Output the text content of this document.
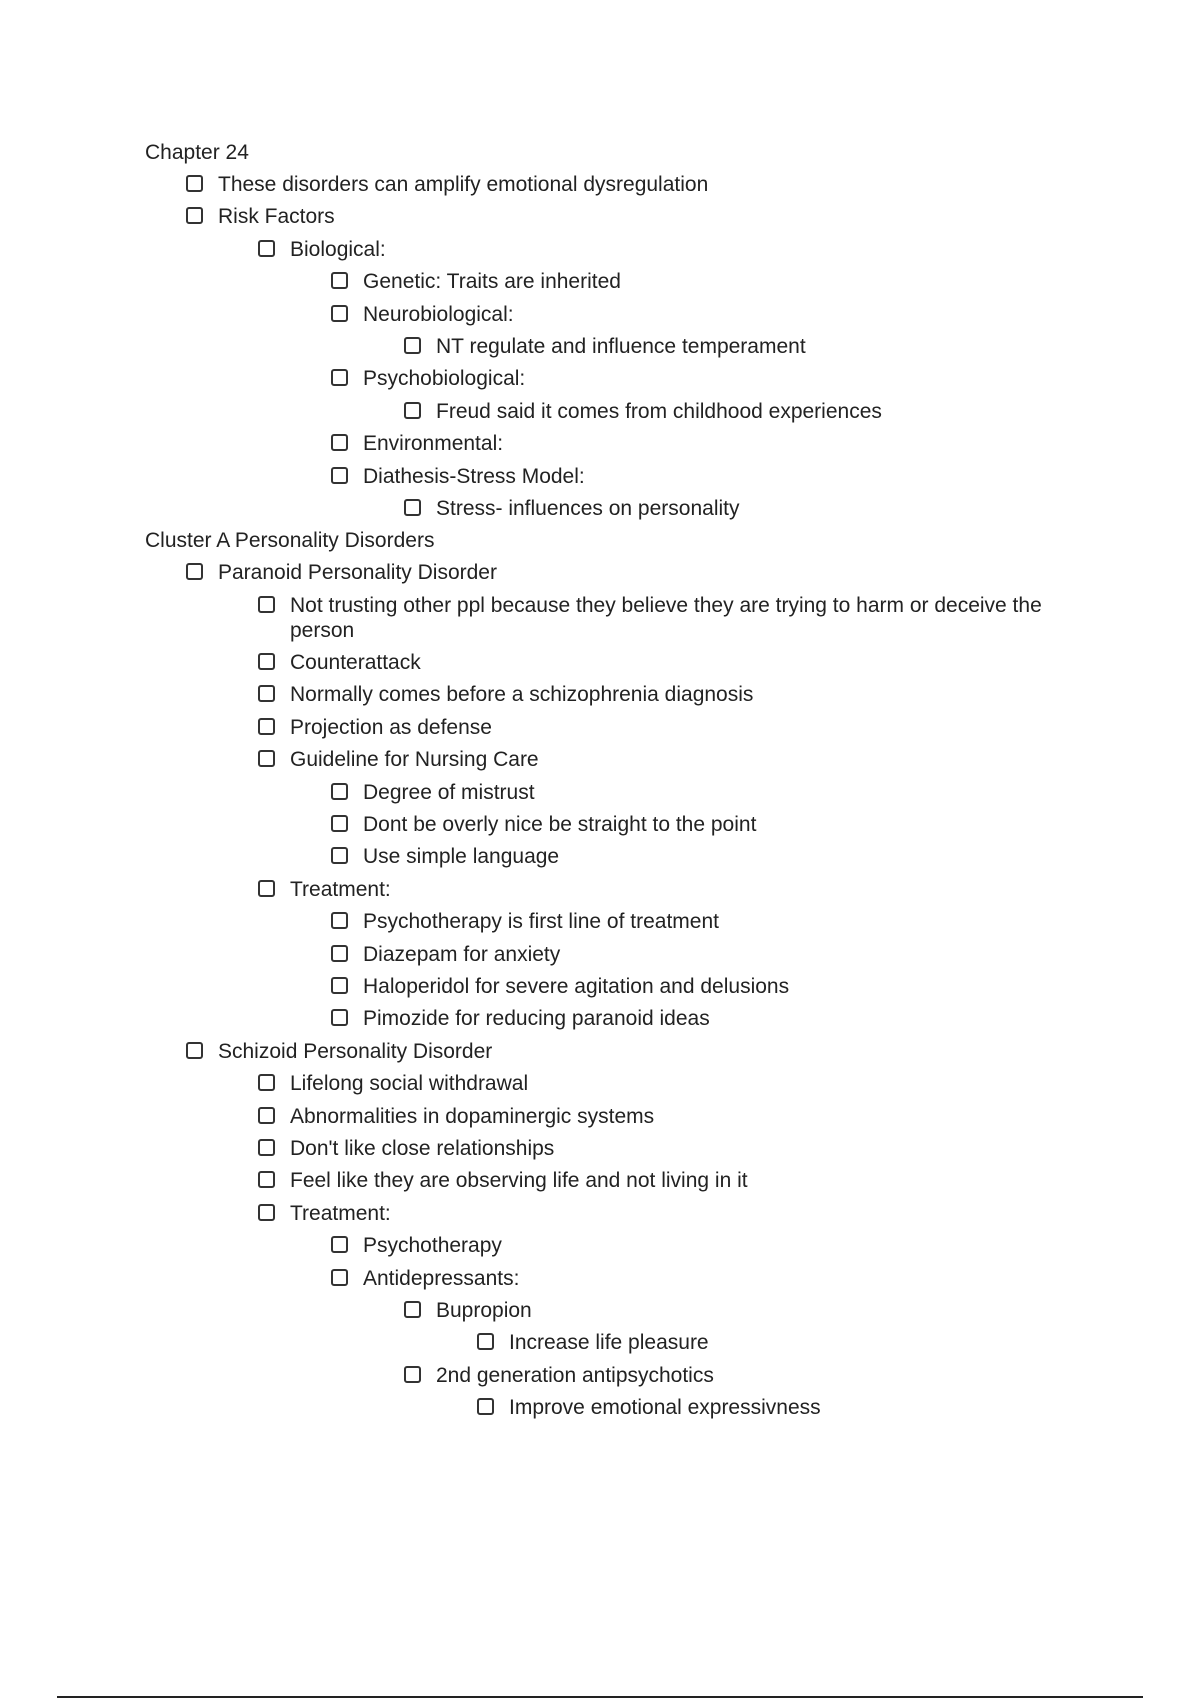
Chapter 24
These disorders can amplify emotional dysregulation
Risk Factors
Biological:
Genetic: Traits are inherited
Neurobiological:
NT regulate and influence temperament
Psychobiological:
Freud said it comes from childhood experiences
Environmental:
Diathesis-Stress Model:
Stress- influences on personality
Cluster A Personality Disorders
Paranoid Personality Disorder
Not trusting other ppl because they believe they are trying to harm or deceive the person
Counterattack
Normally comes before a schizophrenia diagnosis
Projection as defense
Guideline for Nursing Care
Degree of mistrust
Dont be overly nice be straight to the point
Use simple language
Treatment:
Psychotherapy is first line of treatment
Diazepam for anxiety
Haloperidol for severe agitation and delusions
Pimozide for reducing paranoid ideas
Schizoid Personality Disorder
Lifelong social withdrawal
Abnormalities in dopaminergic systems
Don't like close relationships
Feel like they are observing life and not living in it
Treatment:
Psychotherapy
Antidepressants:
Bupropion
Increase life pleasure
2nd generation antipsychotics
Improve emotional expressivness
